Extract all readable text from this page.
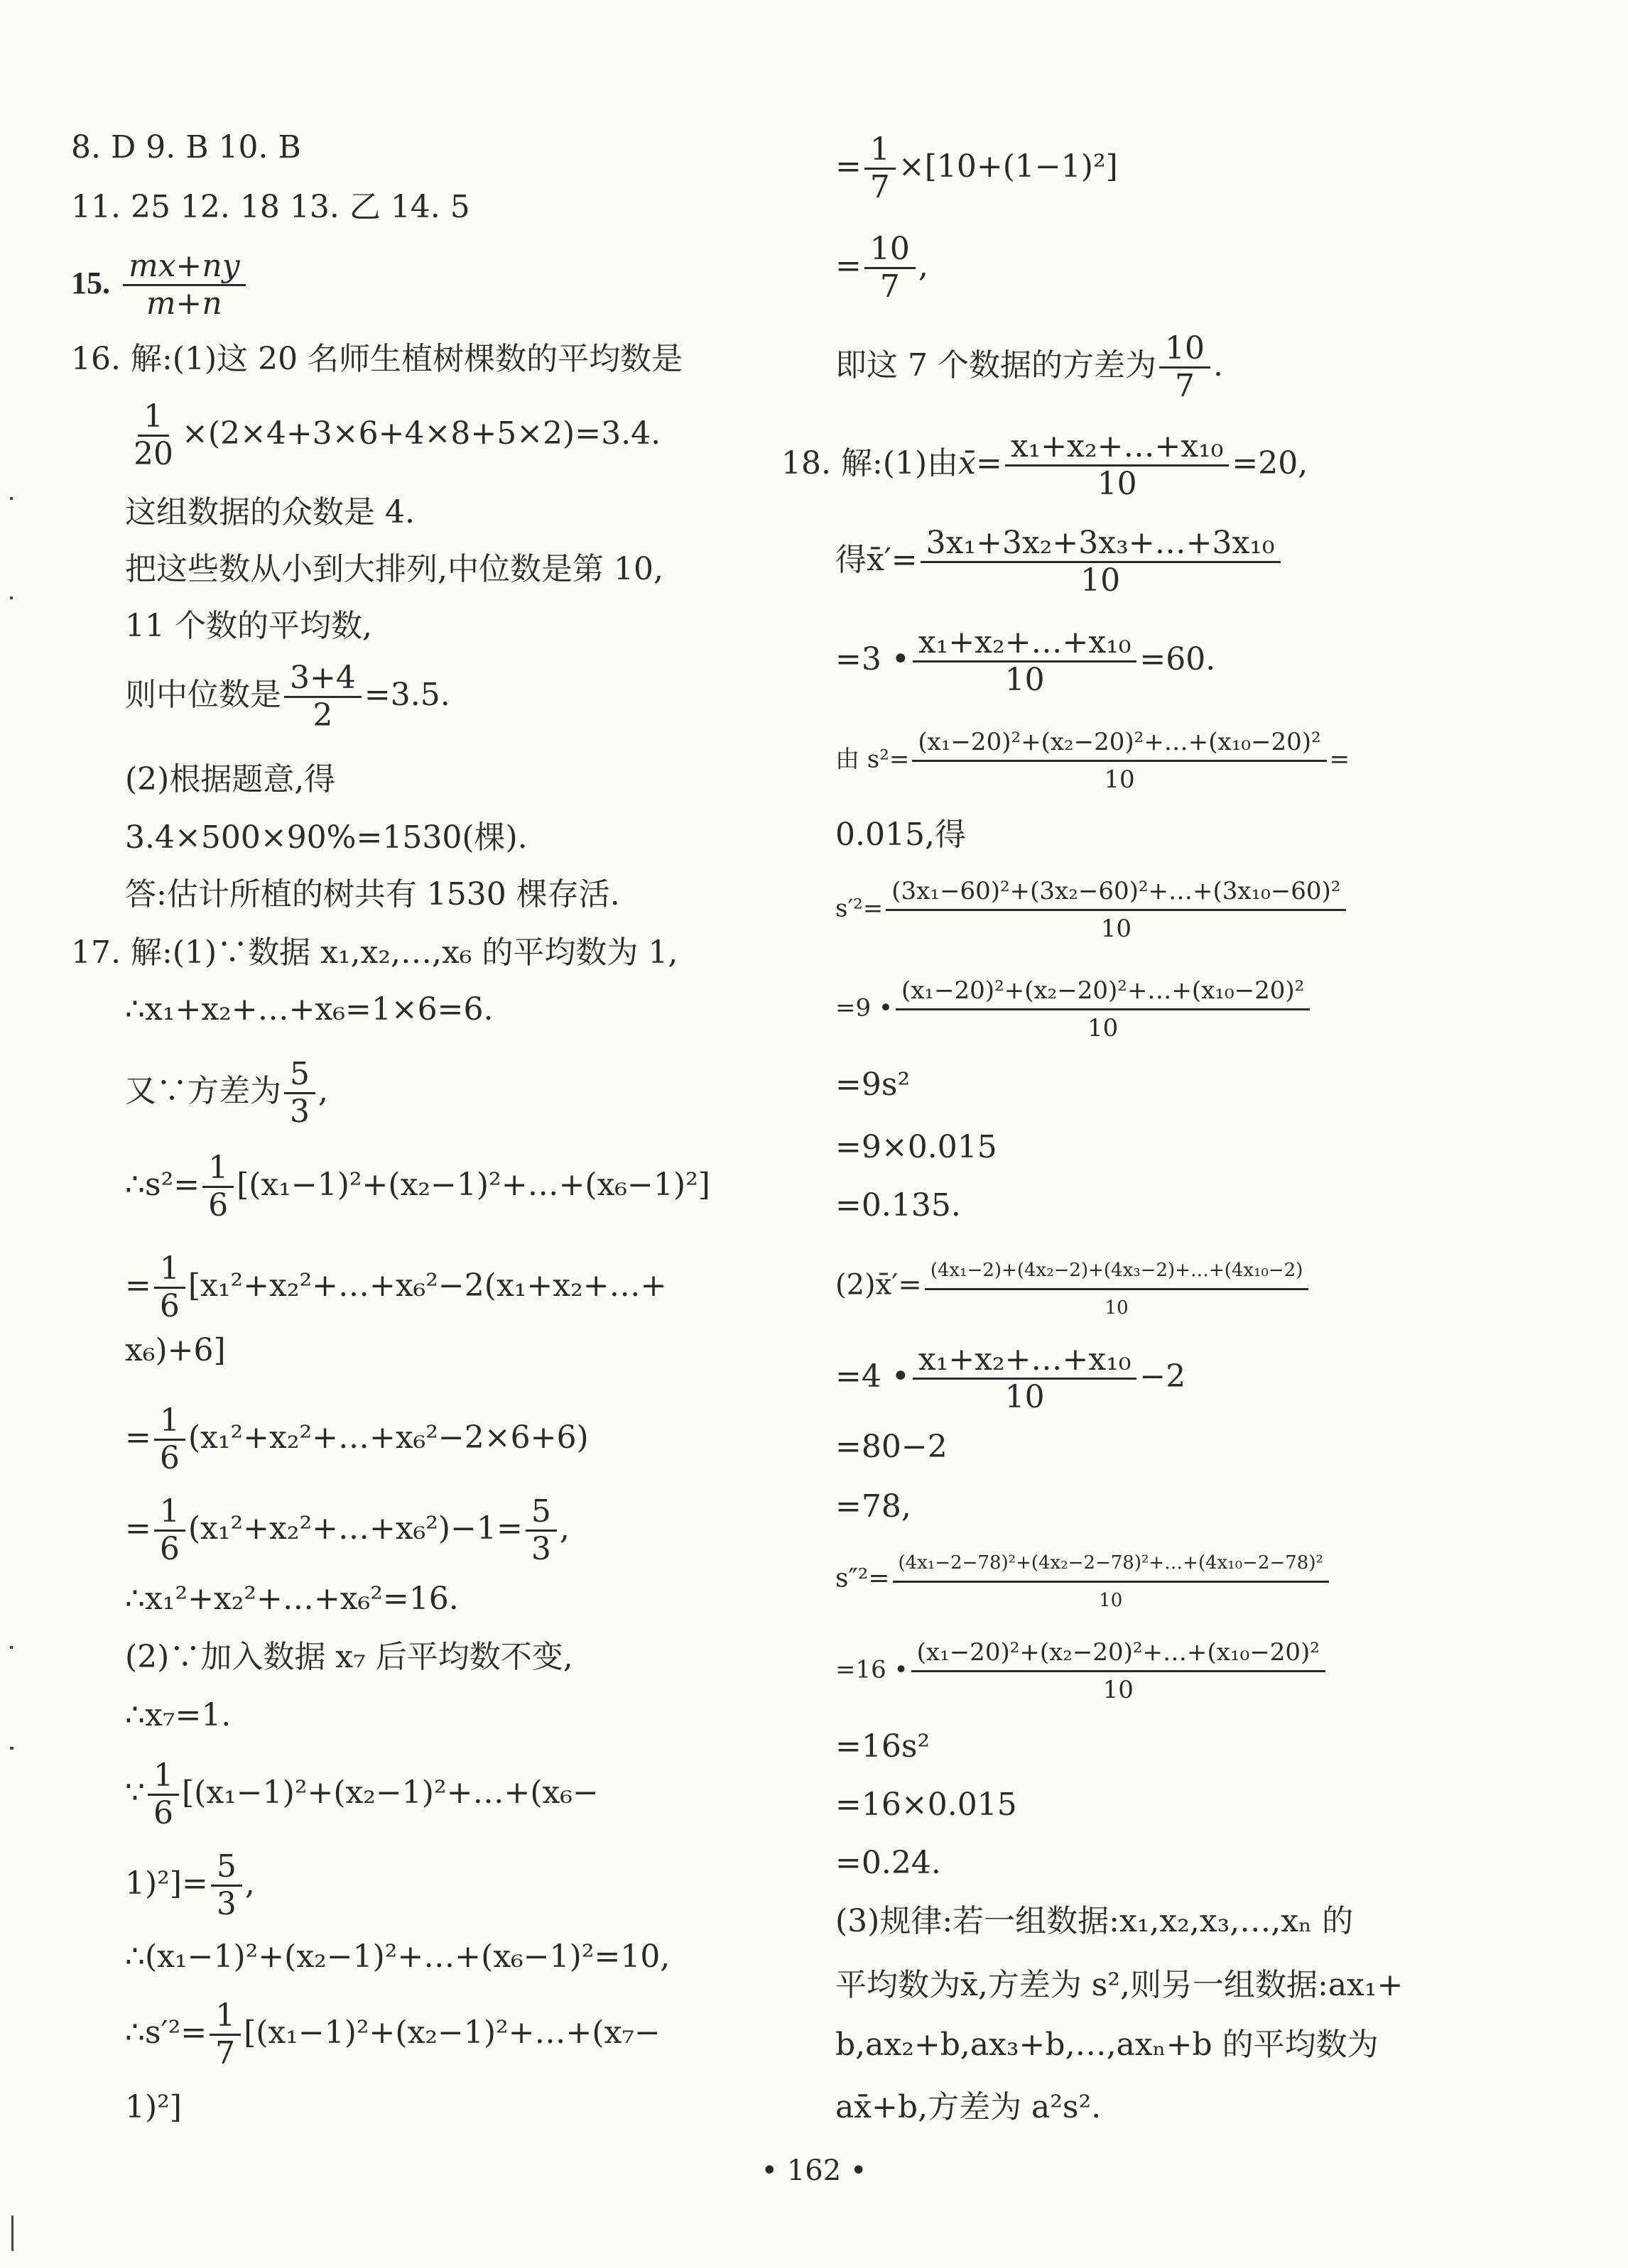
8. D 9. B 10. B
11. 25 12. 18 13. 乙 14. 5
15. $\frac{mx+ny}{m+n}$
16. 解:(1)这 20 名师生植树棵数的平均数是
$\frac{1}{20} \times(2\times 4+3\times 6+4\times 8+5\times 2)=3.4$.
这组数据的众数是 4.
把这些数从小到大排列,中位数是第 10,
11 个数的平均数,
则中位数是 $\frac{3+4}{2} =3.5$.
(2)根据题意,得
3.4×500×90%=1530(棵).
答:估计所植的树共有 1530 棵存活.
17. 解:(1)∵数据 x₁,x₂,…,x₆ 的平均数为 1,
∴x₁+x₂+…+x₆=1×6=6.
又∵方差为 $\frac{5}{3}$ ,
∴s²= $\frac{1}{6}$ [(x₁−1)²+(x₂−1)²+…+(x₆−1)²]
= $\frac{1}{6}$ [x₁²+x₂²+…+x₆²−2(x₁+x₂+…+
x₆)+6]
= $\frac{1}{6}$ (x₁²+x₂²+…+x₆²−2×6+6)
= $\frac{1}{6}$ (x₁²+x₂²+…+x₆²)−1= $\frac{5}{3}$ ,
∴x₁²+x₂²+…+x₆²=16.
(2)∵加入数据 x₇ 后平均数不变,
∴x₇=1.
∵ $\frac{1}{6}$ [(x₁−1)²+(x₂−1)²+…+(x₆−
$1)^2]= \frac{5}{3}$ ,
∴(x₁−1)²+(x₂−1)²+…+(x₆−1)²=10,
∴s′²= $\frac{1}{7}$ [(x₁−1)²+(x₂−1)²+…+(x₇−
1)²]
= $\frac{1}{7} \times[10+(1-1)^2]$
= $\frac{10}{7}$ ,
即这 7 个数据的方差为 $\frac{10}{7}$ .
18. 解:(1)由x̄= $\frac{\text{x₁+x₂+…+x₁₀}}{10} =20$,
得x̄′= $\frac{\text{3x₁+3x₂+3x₃+…+3x₁₀}}{10}$
=3 • $\frac{\text{x₁+x₂+…+x₁₀}}{10} =60$.
由 $s^2= \frac{\text{(x₁−20)²+(x₂−20)²+…+(x₁₀−20)²}}{10}$ =
0.015,得
$s'^2= \frac{\text{(3x₁−60)²+(3x₂−60)²+…+(3x₁₀−60)²}}{10}$
=9 • $\frac{\text{(x₁−20)²+(x₂−20)²+…+(x₁₀−20)²}}{10}$
=9s²
=9×0.015
=0.135.
(2)x̄′= $\frac{\text{(4x₁−2)+(4x₂−2)+(4x₃−2)+…+(4x₁₀−2)}}{10}$
=4 • $\frac{\text{x₁+x₂+…+x₁₀}}{10} -2$
=80−2
=78,
$s''^2= \frac{\text{(4x₁−2−78)²+(4x₂−2−78)²+…+(4x₁₀−2−78)²}}{10}$
=16 • $\frac{\text{(x₁−20)²+(x₂−20)²+…+(x₁₀−20)²}}{10}$
=16s²
=16×0.015
=0.24.
(3)规律:若一组数据:x₁,x₂,x₃,…,xₙ 的
平均数为x̄,方差为 s²,则另一组数据:ax₁+
b,ax₂+b,ax₃+b,…,axₙ+b 的平均数为
ax̄+b,方差为 a²s².
• 162 •
